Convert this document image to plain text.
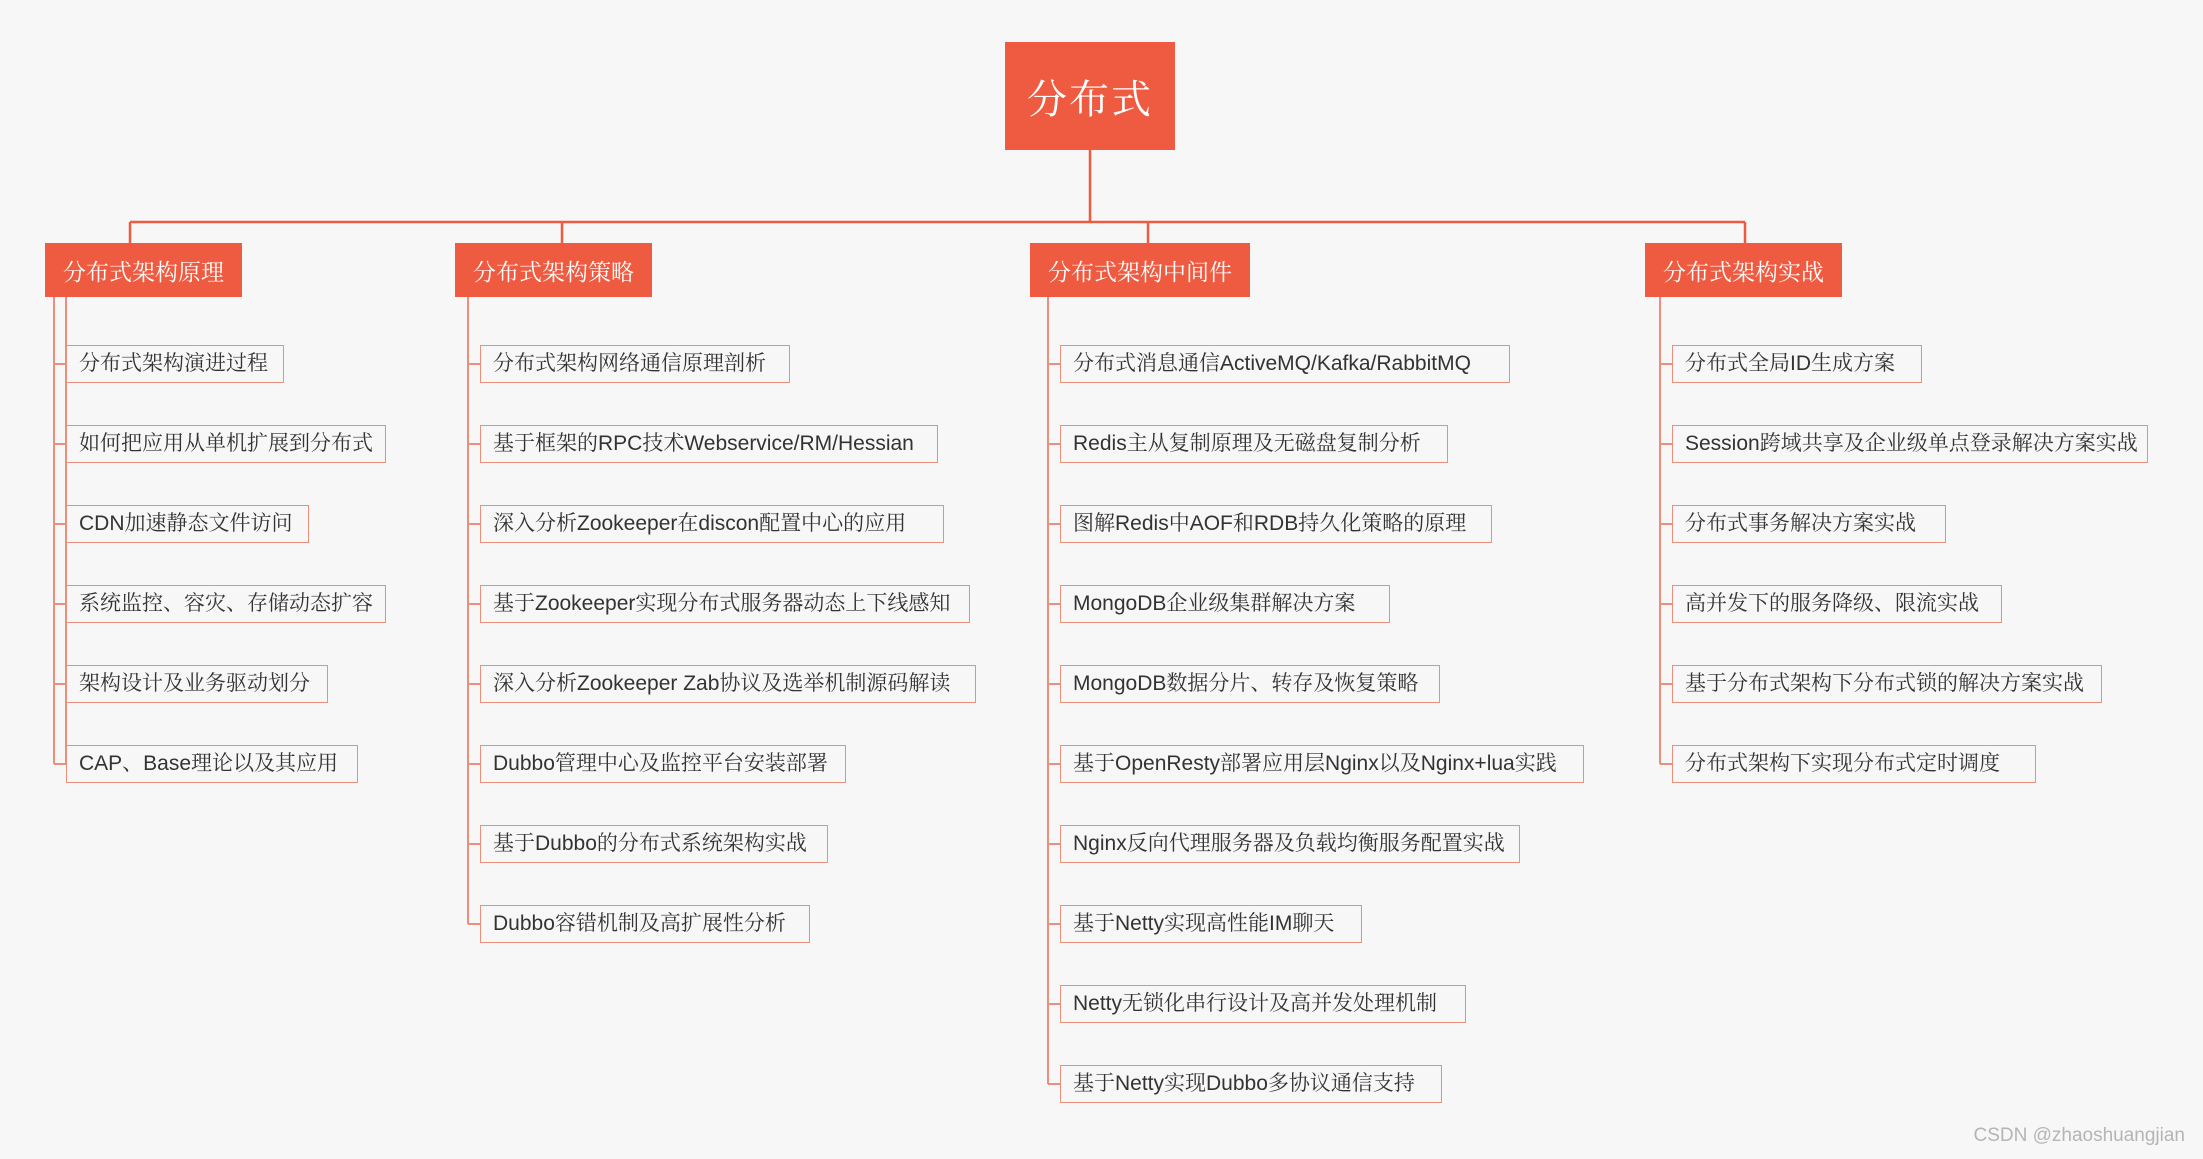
分布式
分布式架构原理
分布式架构演进过程
如何把应用从单机扩展到分布式
CDN加速静态文件访问
系统监控、容灾、存储动态扩容
架构设计及业务驱动划分
CAP、Base理论以及其应用
分布式架构策略
分布式架构网络通信原理剖析
基于框架的RPC技术Webservice/RM/Hessian
深入分析Zookeeper在discon配置中心的应用
基于Zookeeper实现分布式服务器动态上下线感知
深入分析Zookeeper Zab协议及选举机制源码解读
Dubbo管理中心及监控平台安装部署
基于Dubbo的分布式系统架构实战
Dubbo容错机制及高扩展性分析
分布式架构中间件
分布式消息通信ActiveMQ/Kafka/RabbitMQ
Redis主从复制原理及无磁盘复制分析
图解Redis中AOF和RDB持久化策略的原理
MongoDB企业级集群解决方案
MongoDB数据分片、转存及恢复策略
基于OpenResty部署应用层Nginx以及Nginx+lua实践
Nginx反向代理服务器及负载均衡服务配置实战
基于Netty实现高性能IM聊天
Netty无锁化串行设计及高并发处理机制
基于Netty实现Dubbo多协议通信支持
分布式架构实战
分布式全局ID生成方案
Session跨域共享及企业级单点登录解决方案实战
分布式事务解决方案实战
高并发下的服务降级、限流实战
基于分布式架构下分布式锁的解决方案实战
分布式架构下实现分布式定时调度
CSDN @zhaoshuangjian
